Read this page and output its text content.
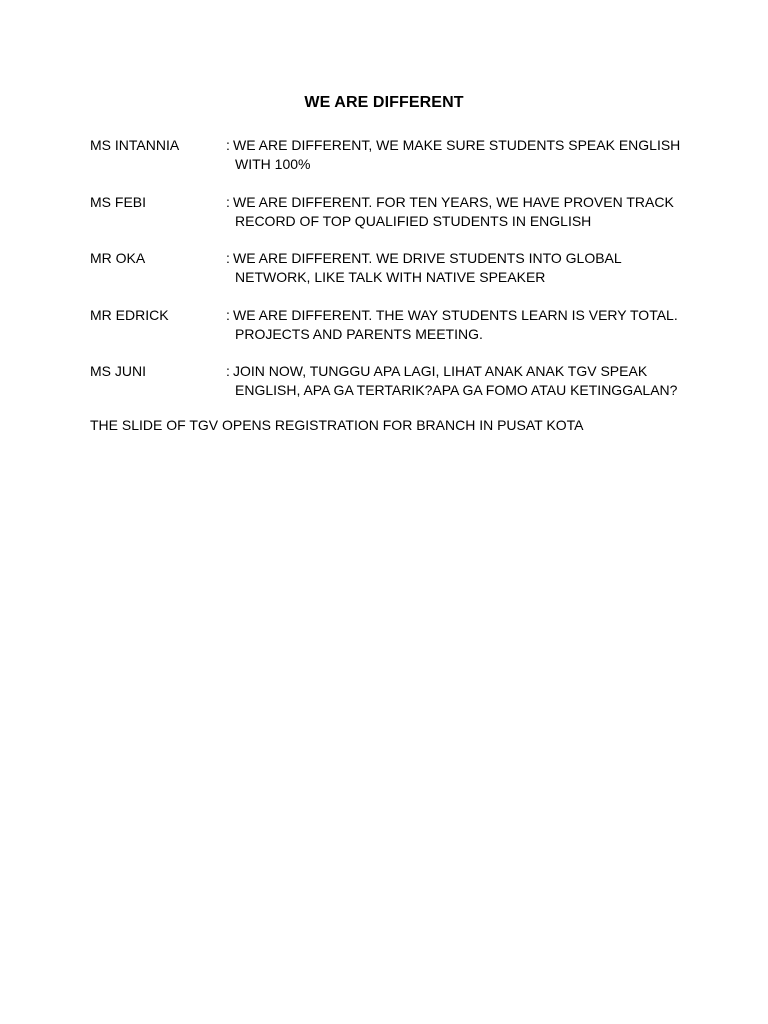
WE ARE DIFFERENT
MS INTANNIA	: WE ARE DIFFERENT, WE MAKE SURE STUDENTS SPEAK ENGLISH
WITH 100%
MS FEBI	: WE ARE DIFFERENT. FOR TEN YEARS, WE HAVE PROVEN TRACK
RECORD OF TOP QUALIFIED STUDENTS IN ENGLISH
MR OKA	: WE ARE DIFFERENT. WE DRIVE STUDENTS INTO GLOBAL
NETWORK, LIKE TALK WITH NATIVE SPEAKER
MR EDRICK	: WE ARE DIFFERENT. THE WAY STUDENTS LEARN IS VERY TOTAL.
PROJECTS AND PARENTS MEETING.
MS JUNI	: JOIN NOW, TUNGGU APA LAGI, LIHAT ANAK ANAK TGV SPEAK
ENGLISH, APA GA TERTARIK?APA GA FOMO ATAU KETINGGALAN?
THE SLIDE OF TGV OPENS REGISTRATION FOR BRANCH IN PUSAT KOTA
